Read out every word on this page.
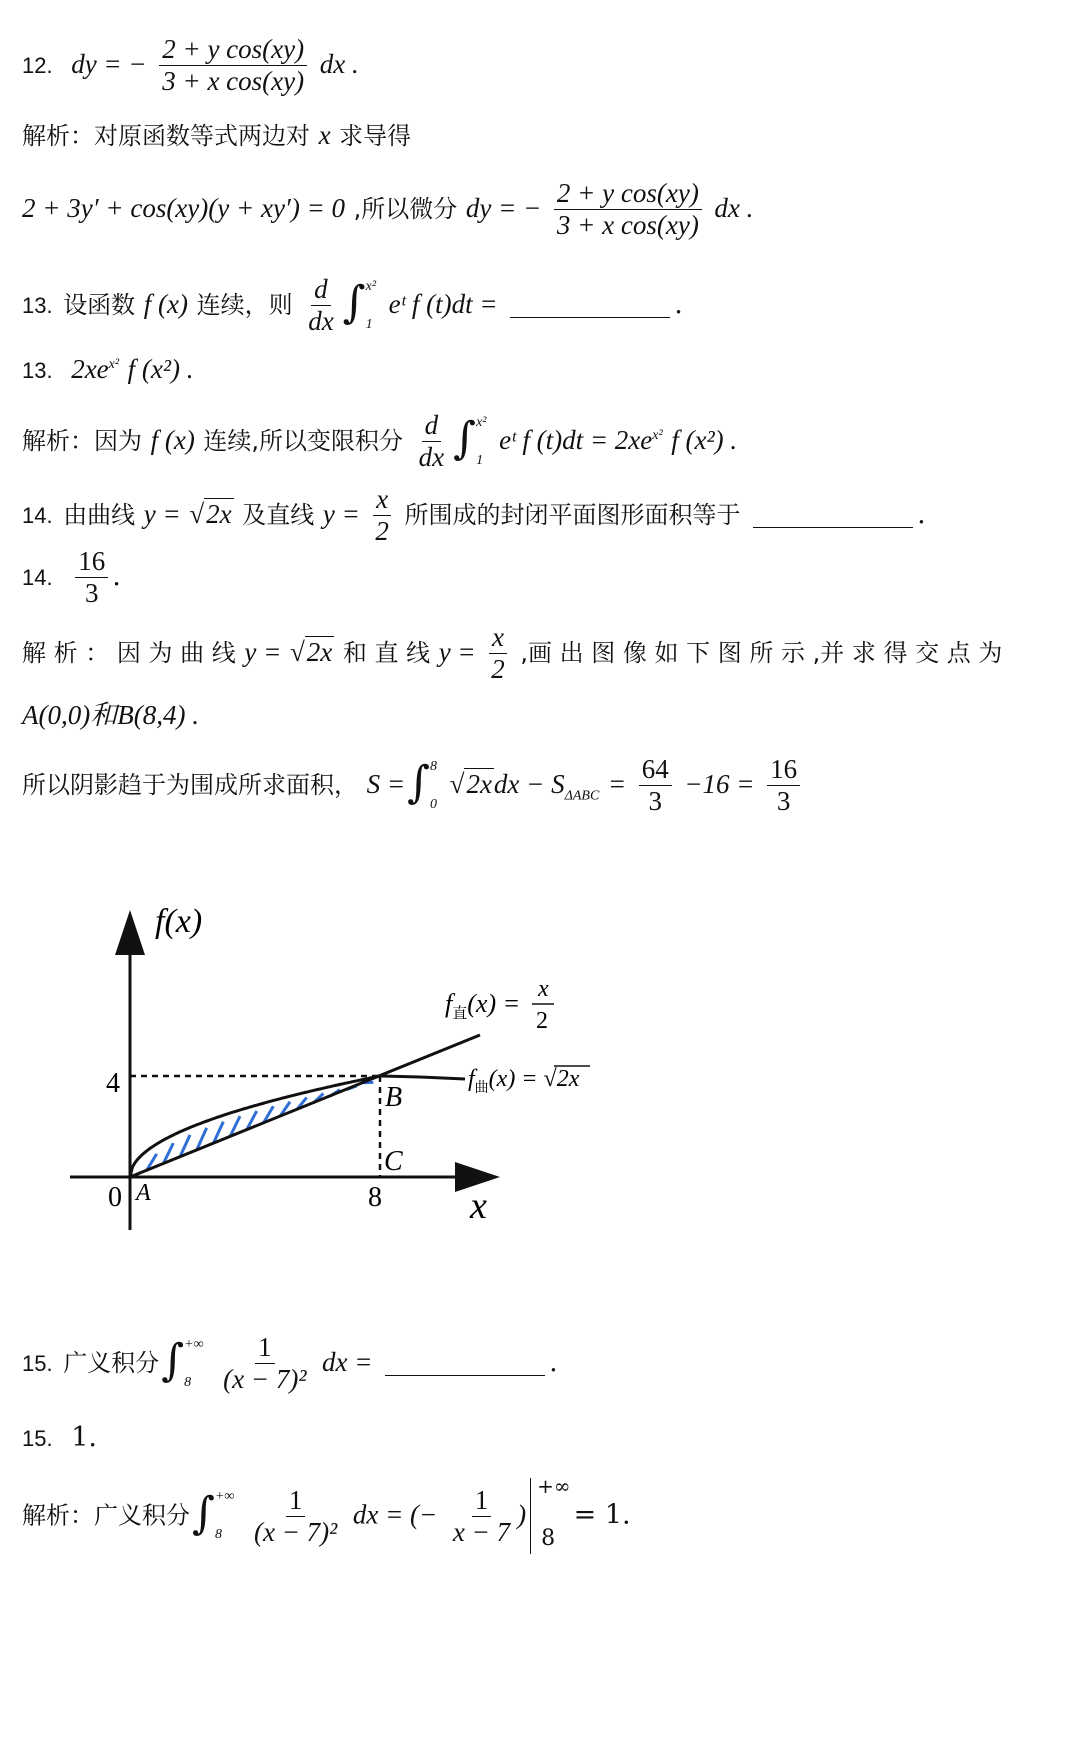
12. dy = − $\frac{\text{2 + y cos(xy)}}{\text{3 + x cos(xy)}}$ dx .
解析：对原函数等式两边对 x 求导得
2 + 3y′ + cos(xy)(y + xy′) = 0 ,所以微分 dy = − $\frac{\text{2 + y cos(xy)}}{\text{3 + x cos(xy)}}$ dx .
13. 设函数 f (x) 连续，则 $\frac{d}{dx}$ ∫ x²
1
eᵗ f (t)dt =	.
13. $2xe^{x^2}$ f (x²) .
解析：因为 f (x) 连续,所以变限积分 $\frac{d}{dx}$ ∫ x²
1
eᵗ f $(t)dt = 2xe^{x^2}$ f (x²) .
14. 由曲线 y = √2x 及直线 $y = \frac{x}{2}$ 所围成的封闭平面图形面积等于	.
14. $\frac{16}{3}$ .
解 析 ： 因 为 曲 线 y = √2x 和 直 线 $y = \frac{x}{2}$ ,画 出 图 像 如 下 图 所 示 ,并 求 得 交 点 为
A(0,0)和B(8,4) .
所以阴影趋于为围成所求面积， S =∫ 8
0
$√2xdx - S_{\Delta ABC} = \frac{64}{3} -16 = \frac{16}{3}$
f(x)
x
0
4
8
A
B
C
$f_直(x) = x$
2
$f_曲(x) = √2x$
15. 广义积分∫ +∞
8
	$\frac{1}{\text{(x − 7)²}}$ dx =	.
15. 1.
解析：广义积分∫ +∞
8
	$\frac{1}{\text{(x − 7)²}}$ dx = (− $\frac{1}{x - 7}$ )
+∞
8
= 1.
